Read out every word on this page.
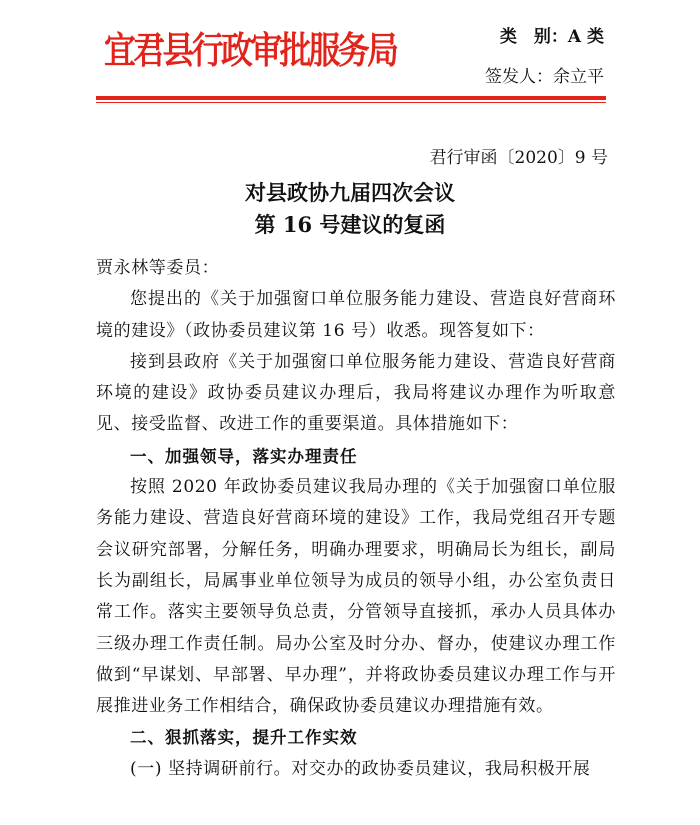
宜君县行政审批服务局	类　别：A 类
签发人：余立平
君行审函〔2020〕9 号
对县政协九届四次会议
第 16 号建议的复函

贾永林等委员：

您提出的《关于加强窗口单位服务能力建设、营造良好营商环境的建设》（政协委员建议第 16 号）收悉。现答复如下：

接到县政府《关于加强窗口单位服务能力建设、营造良好营商环境的建设》政协委员建议办理后，我局将建议办理作为听取意见、接受监督、改进工作的重要渠道。具体措施如下：

一、加强领导，落实办理责任

按照 2020 年政协委员建议我局办理的《关于加强窗口单位服务能力建设、营造良好营商环境的建设》工作，我局党组召开专题会议研究部署，分解任务，明确办理要求，明确局长为组长，副局长为副组长，局属事业单位领导为成员的领导小组，办公室负责日常工作。落实主要领导负总责，分管领导直接抓，承办人员具体办三级办理工作责任制。局办公室及时分办、督办，使建议办理工作做到“早谋划、早部署、早办理”，并将政协委员建议办理工作与开展推进业务工作相结合，确保政协委员建议办理措施有效。

二、狠抓落实，提升工作实效

(一) 坚持调研前行。对交办的政协委员建议，我局积极开展
